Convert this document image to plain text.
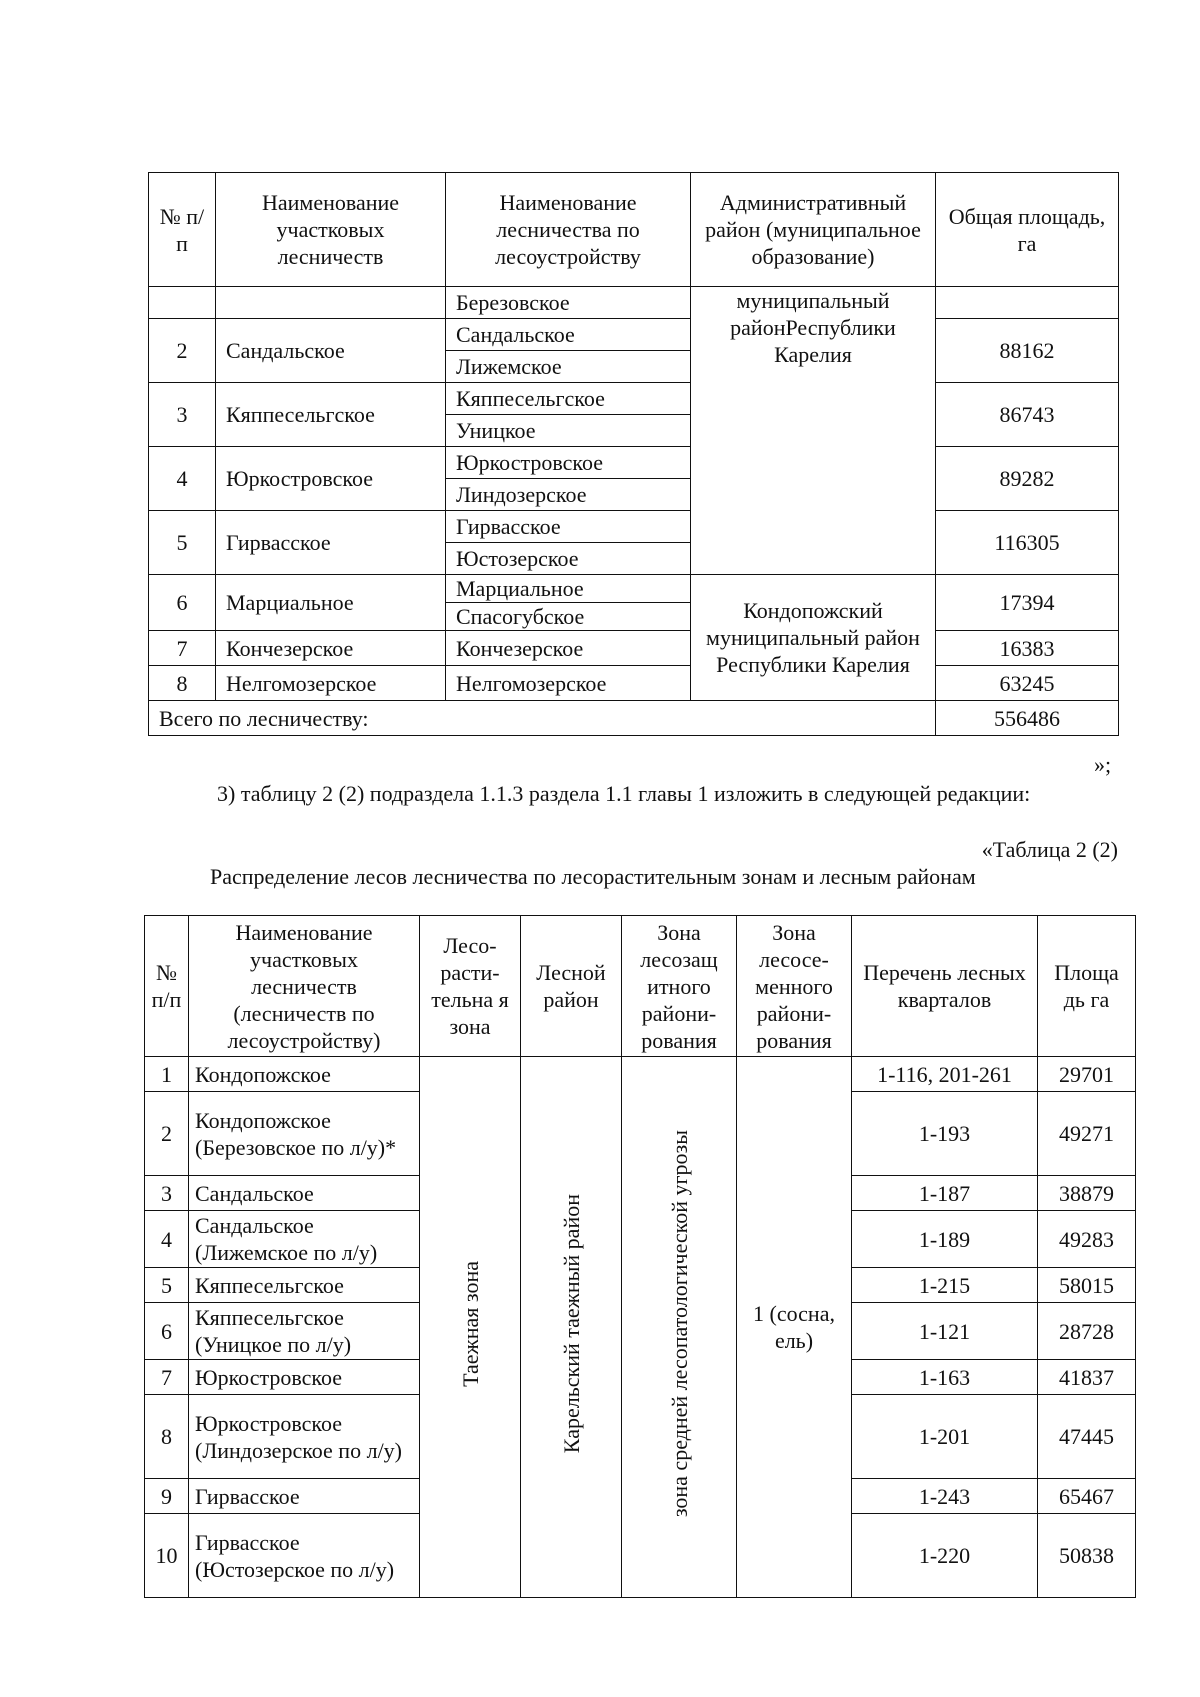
№ п/п	Наименование участковых лесничеств	Наименование лесничества по лесоустройству	Административный район (муниципальное образование)	Общая площадь, га
		Березовское	муниципальный районРеспублики Карелия	
2	Сандальское	Сандальское		88162
		Лижемское		
3	Кяппесельгское	Кяппесельгское		86743
		Уницкое		
4	Юркостровское	Юркостровское		89282
		Линдозерское		
5	Гирвасское	Гирвасское		116305
		Юстозерское		
6	Марциальное	Марциальное	Кондопожский муниципальный район Республики Карелия	17394
		Спасогубское		
7	Кончезерское	Кончезерское		16383
8	Нелгомозерское	Нелгомозерское		63245
Всего по лесничеству:				556486
»;
3) таблицу 2 (2) подраздела 1.1.3 раздела 1.1 главы 1 изложить в следующей редакции:
«Таблица 2 (2)
Распределение лесов лесничества по лесорастительным зонам и лесным районам
№ п/п	Наименование участковых лесничеств (лесничеств по лесоустройству)	Лесо-расти-тельна я зона	Лесной район	Зона лесозащ итного райони-рования	Зона лесосе-менного райони-рования	Перечень лесных кварталов	Площа дь га
1	Кондопожское	Таежная зона	Карельский таежный район	зона средней лесопатологической угрозы	1 (сосна, ель)	1-116, 201-261	29701
2	Кондопожское (Березовское по л/у)*					1-193	49271
3	Сандальское					1-187	38879
4	Сандальское (Лижемское по л/у)					1-189	49283
5	Кяппесельгское					1-215	58015
6	Кяппесельгское (Уницкое по л/у)					1-121	28728
7	Юркостровское					1-163	41837
8	Юркостровское (Линдозерское по л/у)					1-201	47445
9	Гирвасское					1-243	65467
10	Гирвасское (Юстозерское по л/у)					1-220	50838
